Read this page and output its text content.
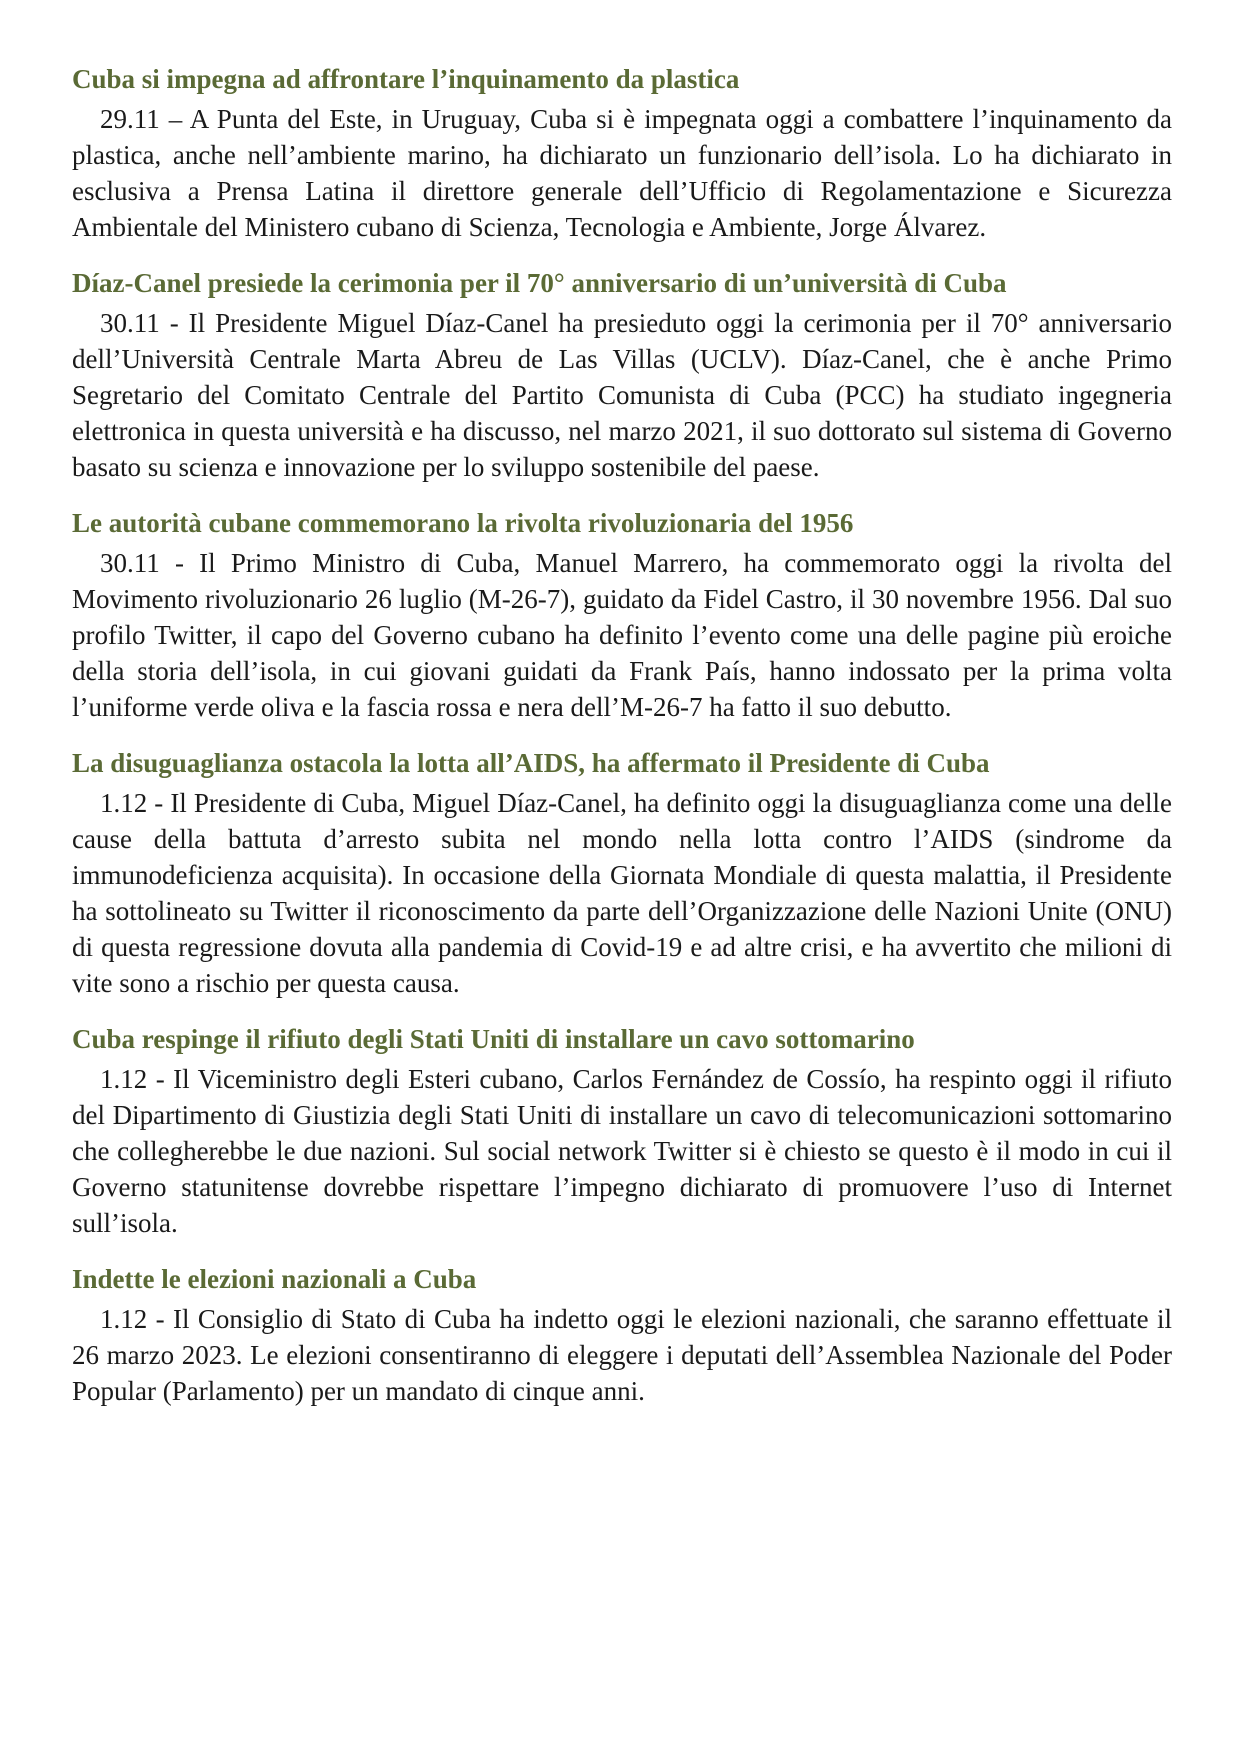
Cuba si impegna ad affrontare l’inquinamento da plastica

29.11 – A Punta del Este, in Uruguay, Cuba si è impegnata oggi a combattere l’inquinamento da plastica, anche nell’ambiente marino, ha dichiarato un funzionario dell’isola. Lo ha dichiarato in esclusiva a Prensa Latina il direttore generale dell’Ufficio di Regolamentazione e Sicurezza Ambientale del Ministero cubano di Scienza, Tecnologia e Ambiente, Jorge Álvarez.

Díaz-Canel presiede la cerimonia per il 70° anniversario di un’università di Cuba

30.11 - Il Presidente Miguel Díaz-Canel ha presieduto oggi la cerimonia per il 70° anniversario dell’Università Centrale Marta Abreu de Las Villas (UCLV). Díaz-Canel, che è anche Primo Segretario del Comitato Centrale del Partito Comunista di Cuba (PCC) ha studiato ingegneria elettronica in questa università e ha discusso, nel marzo 2021, il suo dottorato sul sistema di Governo basato su scienza e innovazione per lo sviluppo sostenibile del paese.

Le autorità cubane commemorano la rivolta rivoluzionaria del 1956

30.11 - Il Primo Ministro di Cuba, Manuel Marrero, ha commemorato oggi la rivolta del Movimento rivoluzionario 26 luglio (M-26-7), guidato da Fidel Castro, il 30 novembre 1956. Dal suo profilo Twitter, il capo del Governo cubano ha definito l’evento come una delle pagine più eroiche della storia dell’isola, in cui giovani guidati da Frank País, hanno indossato per la prima volta l’uniforme verde oliva e la fascia rossa e nera dell’M-26-7 ha fatto il suo debutto.

La disuguaglianza ostacola la lotta all’AIDS, ha affermato il Presidente di Cuba

1.12 - Il Presidente di Cuba, Miguel Díaz-Canel, ha definito oggi la disuguaglianza come una delle cause della battuta d’arresto subita nel mondo nella lotta contro l’AIDS (sindrome da immunodeficienza acquisita). In occasione della Giornata Mondiale di questa malattia, il Presidente ha sottolineato su Twitter il riconoscimento da parte dell’Organizzazione delle Nazioni Unite (ONU) di questa regressione dovuta alla pandemia di Covid-19 e ad altre crisi, e ha avvertito che milioni di vite sono a rischio per questa causa.

Cuba respinge il rifiuto degli Stati Uniti di installare un cavo sottomarino

1.12 - Il Viceministro degli Esteri cubano, Carlos Fernández de Cossío, ha respinto oggi il rifiuto del Dipartimento di Giustizia degli Stati Uniti di installare un cavo di telecomunicazioni sottomarino che collegherebbe le due nazioni. Sul social network Twitter si è chiesto se questo è il modo in cui il Governo statunitense dovrebbe rispettare l’impegno dichiarato di promuovere l’uso di Internet sull’isola.

Indette le elezioni nazionali a Cuba

1.12 - Il Consiglio di Stato di Cuba ha indetto oggi le elezioni nazionali, che saranno effettuate il 26 marzo 2023. Le elezioni consentiranno di eleggere i deputati dell’Assemblea Nazionale del Poder Popular (Parlamento) per un mandato di cinque anni.
